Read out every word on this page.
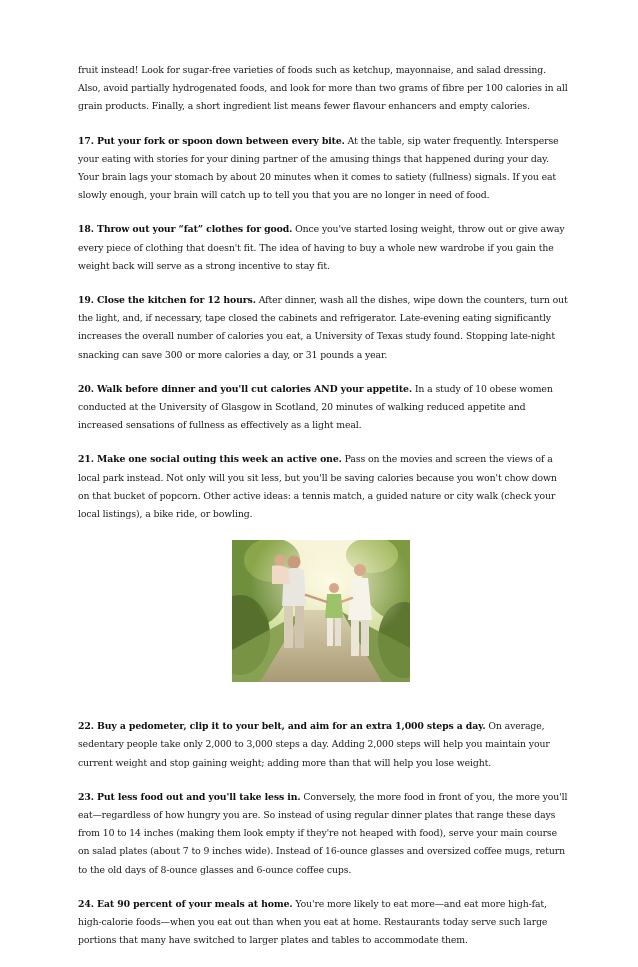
fruit instead! Look for sugar-free varieties of foods such as ketchup, mayonnaise, and salad dressing. Also, avoid partially hydrogenated foods, and look for more than two grams of fibre per 100 calories in all grain products. Finally, a short ingredient list means fewer flavour enhancers and empty calories.

17. Put your fork or spoon down between every bite. At the table, sip water frequently. Intersperse your eating with stories for your dining partner of the amusing things that happened during your day. Your brain lags your stomach by about 20 minutes when it comes to satiety (fullness) signals. If you eat slowly enough, your brain will catch up to tell you that you are no longer in need of food.

18. Throw out your “fat” clothes for good. Once you've started losing weight, throw out or give away every piece of clothing that doesn't fit. The idea of having to buy a whole new wardrobe if you gain the weight back will serve as a strong incentive to stay fit.

19. Close the kitchen for 12 hours. After dinner, wash all the dishes, wipe down the counters, turn out the light, and, if necessary, tape closed the cabinets and refrigerator. Late-evening eating significantly increases the overall number of calories you eat, a University of Texas study found. Stopping late-night snacking can save 300 or more calories a day, or 31 pounds a year.

20. Walk before dinner and you'll cut calories AND your appetite. In a study of 10 obese women conducted at the University of Glasgow in Scotland, 20 minutes of walking reduced appetite and increased sensations of fullness as effectively as a light meal.

21. Make one social outing this week an active one. Pass on the movies and screen the views of a local park instead. Not only will you sit less, but you'll be saving calories because you won't chow down on that bucket of popcorn. Other active ideas: a tennis match, a guided nature or city walk (check your local listings), a bike ride, or bowling.

22. Buy a pedometer, clip it to your belt, and aim for an extra 1,000 steps a day. On average, sedentary people take only 2,000 to 3,000 steps a day. Adding 2,000 steps will help you maintain your current weight and stop gaining weight; adding more than that will help you lose weight.

23. Put less food out and you'll take less in. Conversely, the more food in front of you, the more you'll eat—regardless of how hungry you are. So instead of using regular dinner plates that range these days from 10 to 14 inches (making them look empty if they're not heaped with food), serve your main course on salad plates (about 7 to 9 inches wide). Instead of 16-ounce glasses and oversized coffee mugs, return to the old days of 8-ounce glasses and 6-ounce coffee cups.

24. Eat 90 percent of your meals at home. You're more likely to eat more—and eat more high-fat, high-calorie foods—when you eat out than when you eat at home. Restaurants today serve such large portions that many have switched to larger plates and tables to accommodate them.
